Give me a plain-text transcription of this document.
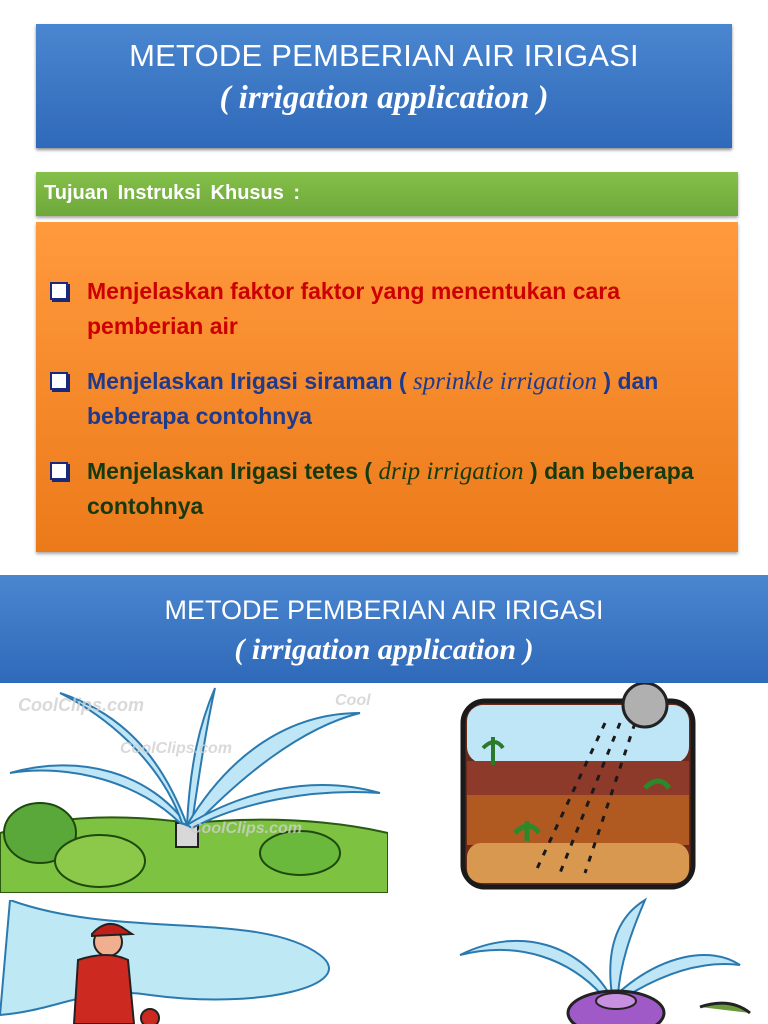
METODE PEMBERIAN AIR IRIGASI
( irrigation application )
Tujuan Instruksi Khusus :
Menjelaskan faktor faktor yang menentukan cara pemberian air
Menjelaskan Irigasi siraman ( sprinkle irrigation ) dan beberapa contohnya
Menjelaskan Irigasi tetes ( drip irrigation ) dan beberapa contohnya
METODE PEMBERIAN AIR IRIGASI
( irrigation application )
CoolClips.com
CoolClips.com
CoolClips.com
Cool
